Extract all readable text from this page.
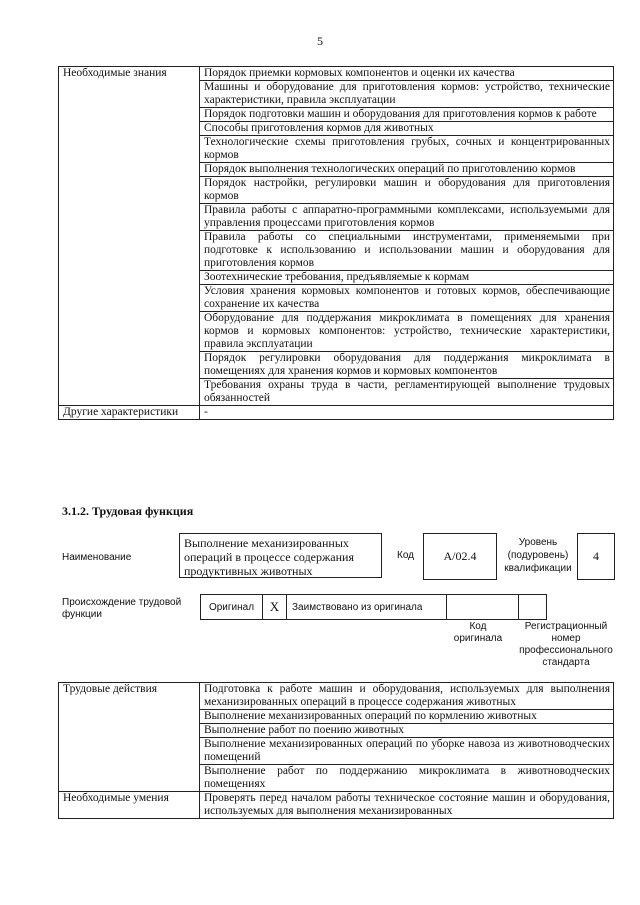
5
Необходимые знания	Порядок приемки кормовых компонентов и оценки их качества
	Машины и оборудование для приготовления кормов: устройство, технические характеристики, правила эксплуатации
	Порядок подготовки машин и оборудования для приготовления кормов к работе
	Способы приготовления кормов для животных
	Технологические схемы приготовления грубых, сочных и концентрированных кормов
	Порядок выполнения технологических операций по приготовлению кормов
	Порядок настройки, регулировки машин и оборудования для приготовления кормов
	Правила работы с аппаратно-программными комплексами, используемыми для управления процессами приготовления кормов
	Правила работы со специальными инструментами, применяемыми при подготовке к использованию и использовании машин и оборудования для приготовления кормов
	Зоотехнические требования, предъявляемые к кормам
	Условия хранения кормовых компонентов и готовых кормов, обеспечивающие сохранение их качества
	Оборудование для поддержания микроклимата в помещениях для хранения кормов и кормовых компонентов: устройство, технические характеристики, правила эксплуатации
	Порядок регулировки оборудования для поддержания микроклимата в помещениях для хранения кормов и кормовых компонентов
	Требования охраны труда в части, регламентирующей выполнение трудовых обязанностей
Другие характеристики	-
3.1.2. Трудовая функция
Наименование
Выполнение механизированных операций в процессе содержания продуктивных животных
Код	A/02.4
Уровень (подуровень) квалификации
4
Происхождение трудовой функции
Оригинал	X	Заимствовано из оригинала
Код оригинала
Регистрационный номер профессионального стандарта
Трудовые действия	Подготовка к работе машин и оборудования, используемых для выполнения механизированных операций в процессе содержания животных
	Выполнение механизированных операций по кормлению животных
	Выполнение работ по поению животных
	Выполнение механизированных операций по уборке навоза из животноводческих помещений
	Выполнение работ по поддержанию микроклимата в животноводческих помещениях
Необходимые умения	Проверять перед началом работы техническое состояние машин и оборудования, используемых для выполнения механизированных
